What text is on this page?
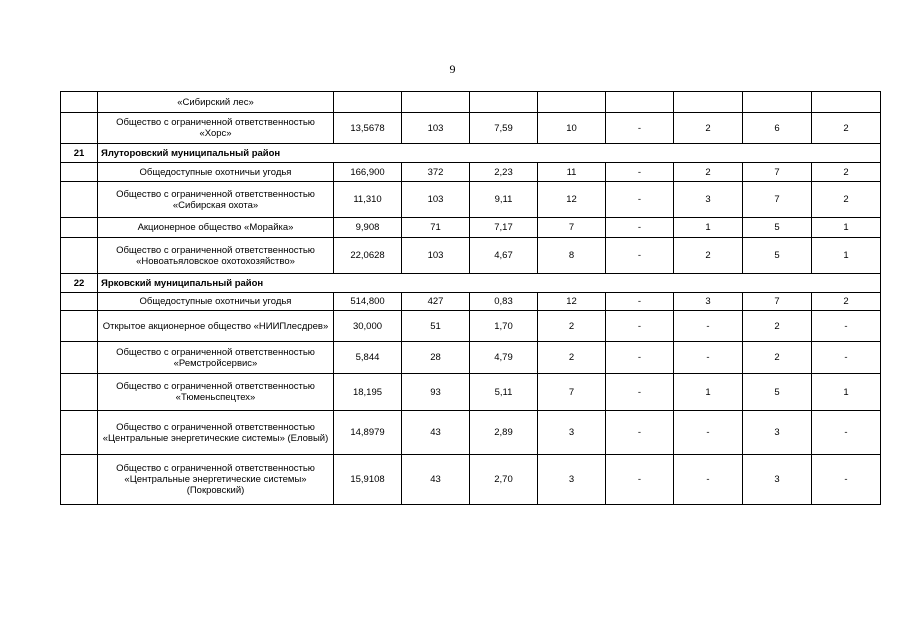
9
	«Сибирский лес»								
	Общество с ограниченной ответственностью «Хорс»	13,5678	103	7,59	10	-	2	6	2
21	Ялуторовский муниципальный район								
	Общедоступные охотничьи угодья	166,900	372	2,23	11	-	2	7	2
	Общество с ограниченной ответственностью «Сибирская охота»	11,310	103	9,11	12	-	3	7	2
	Акционерное общество «Морайка»	9,908	71	7,17	7	-	1	5	1
	Общество с ограниченной ответственностью «Новоатьяловское охотохозяйство»	22,0628	103	4,67	8	-	2	5	1
22	Ярковский муниципальный район								
	Общедоступные охотничьи угодья	514,800	427	0,83	12	-	3	7	2
	Открытое акционерное общество «НИИПлесдрев»	30,000	51	1,70	2	-	-	2	-
	Общество с ограниченной ответственностью «Ремстройсервис»	5,844	28	4,79	2	-	-	2	-
	Общество с ограниченной ответственностью «Тюменьспецтех»	18,195	93	5,11	7	-	1	5	1
	Общество с ограниченной ответственностью «Центральные энергетические системы» (Еловый)	14,8979	43	2,89	3	-	-	3	-
	Общество с ограниченной ответственностью «Центральные энергетические системы» (Покровский)	15,9108	43	2,70	3	-	-	3	-
